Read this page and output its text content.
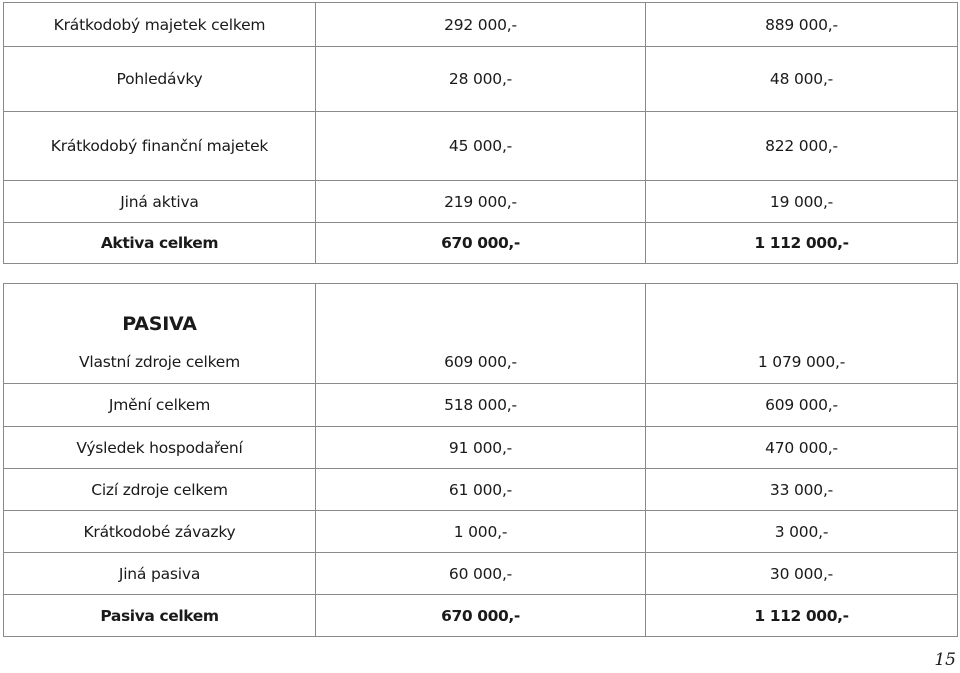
Krátkodobý majetek celkem	292 000,-	889 000,-
Pohledávky	28 000,-	48 000,-
Krátkodobý finanční majetek	45 000,-	822 000,-
Jiná aktiva	219 000,-	19 000,-
Aktiva celkem	670 000,-	1 112 000,-
PASIVA		
Vlastní zdroje celkem	609 000,-	1 079 000,-
Jmění celkem	518 000,-	609 000,-
Výsledek hospodaření	91 000,-	470 000,-
Cizí zdroje celkem	61 000,-	33 000,-
Krátkodobé závazky	1 000,-	3 000,-
Jiná pasiva	60 000,-	30 000,-
Pasiva celkem	670 000,-	1 112 000,-
15
